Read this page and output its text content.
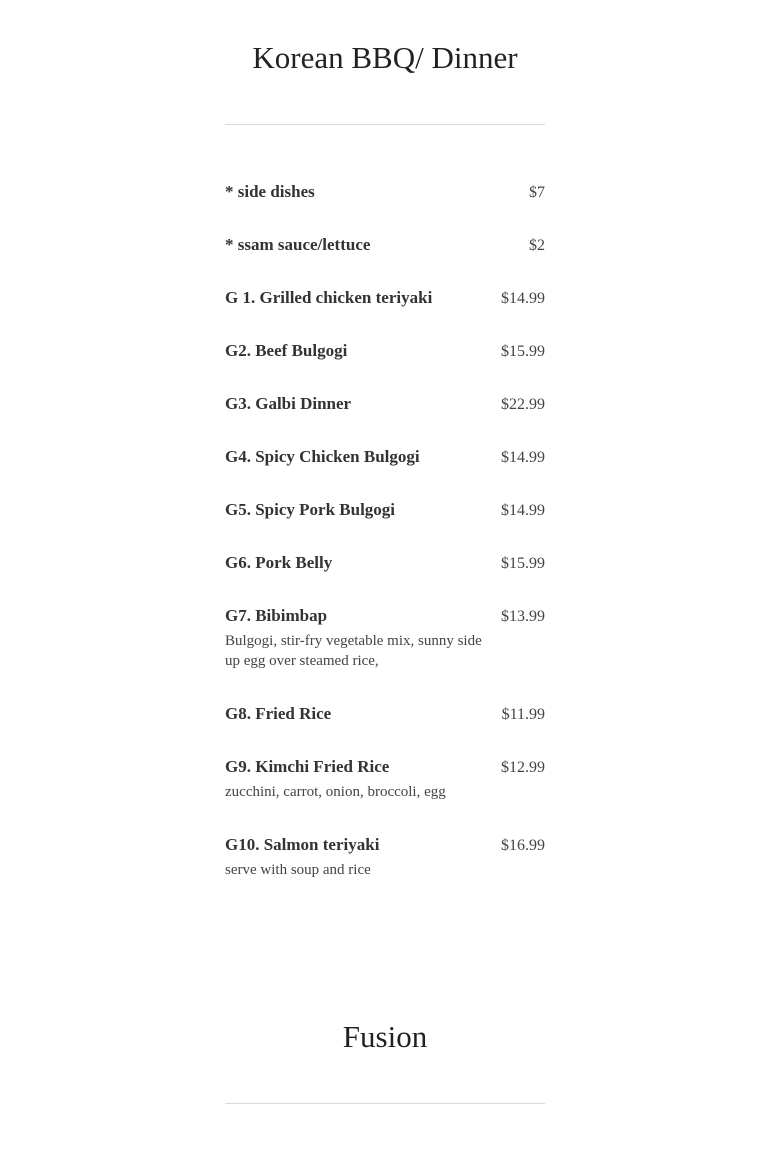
Korean BBQ/ Dinner
* side dishes	$7
* ssam sauce/lettuce	$2
G 1. Grilled chicken teriyaki	$14.99
G2. Beef Bulgogi	$15.99
G3. Galbi Dinner	$22.99
G4. Spicy Chicken Bulgogi	$14.99
G5. Spicy Pork Bulgogi	$14.99
G6. Pork Belly	$15.99
G7. Bibimbap	$13.99
Bulgogi, stir-fry vegetable mix, sunny side up egg over steamed rice,
G8. Fried Rice	$11.99
G9. Kimchi Fried Rice	$12.99
zucchini, carrot, onion, broccoli, egg
G10. Salmon teriyaki	$16.99
serve with soup and rice
Fusion
